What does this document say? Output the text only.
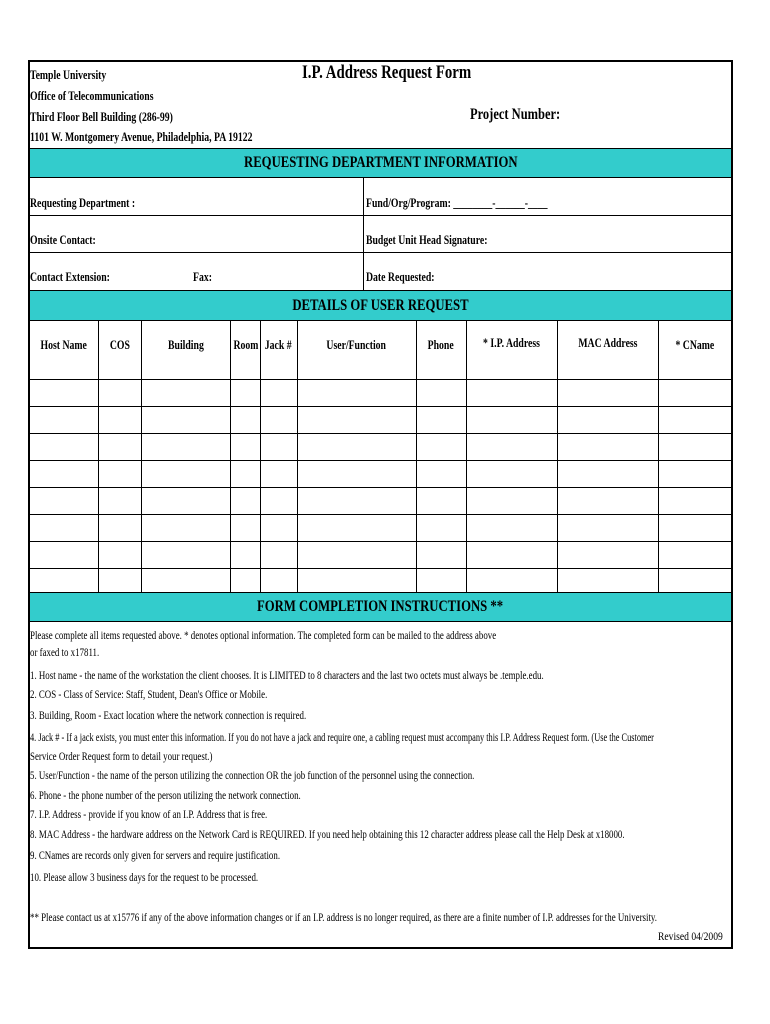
Temple University
Office of Telecommunications
Third Floor Bell Building (286-99)
1101 W. Montgomery Avenue, Philadelphia, PA 19122
I.P. Address Request Form
Project Number:
REQUESTING DEPARTMENT INFORMATION
Requesting Department :	Fund/Org/Program: ________-______-____
Onsite Contact:	Budget Unit Head Signature:
Contact Extension:	Fax:	Date Requested:
DETAILS OF USER REQUEST
Host Name	COS	Building	Room Jack #	User/Function	Phone	* I.P. Address	MAC Address	* CName
FORM COMPLETION INSTRUCTIONS **
Please complete all items requested above. * denotes optional information. The completed form can be mailed to the address above
or faxed to x17811.
1. Host name - the name of the workstation the client chooses. It is LIMITED to 8 characters and the last two octets must always be .temple.edu.
2. COS - Class of Service: Staff, Student, Dean's Office or Mobile.
3. Building, Room - Exact location where the network connection is required.
4. Jack # - If a jack exists, you must enter this information. If you do not have a jack and require one, a cabling request must accompany this I.P. Address Request form. (Use the Customer
Service Order Request form to detail your request.)
5. User/Function - the name of the person utilizing the connection OR the job function of the personnel using the connection.
6. Phone - the phone number of the person utilizing the network connection.
7. I.P. Address - provide if you know of an I.P. Address that is free.
8. MAC Address - the hardware address on the Network Card is REQUIRED. If you need help obtaining this 12 character address please call the Help Desk at x18000.
9. CNames are records only given for servers and require justification.
10. Please allow 3 business days for the request to be processed.
** Please contact us at x15776 if any of the above information changes or if an I.P. address is no longer required, as there are a finite number of I.P. addresses for the University.
Revised 04/2009
